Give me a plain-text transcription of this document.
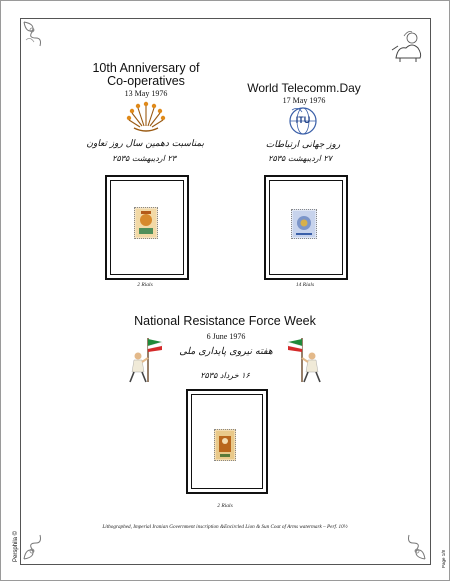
10th Anniversary of
Co-operatives
13 May 1976
بمناسبت دهمین سال روز تعاون
۲۳ اردیبهشت ۲۵۳۵
2 Rials
World Telecomm.Day
17 May 1976
ITU
روز جهانی ارتباطات
۲۷ اردیبهشت ۲۵۳۵
14 Rials
National Resistance Force Week
6 June 1976
هفته نیروی پایداری ملی
۱۶ خرداد ۲۵۳۵
2 Rials
Lithographed, Imperial Iranian Government inscription &Encircled Lion & Sun Coat of Arms watermark – Perf. 10½
Persphila ©	Page 1/8
